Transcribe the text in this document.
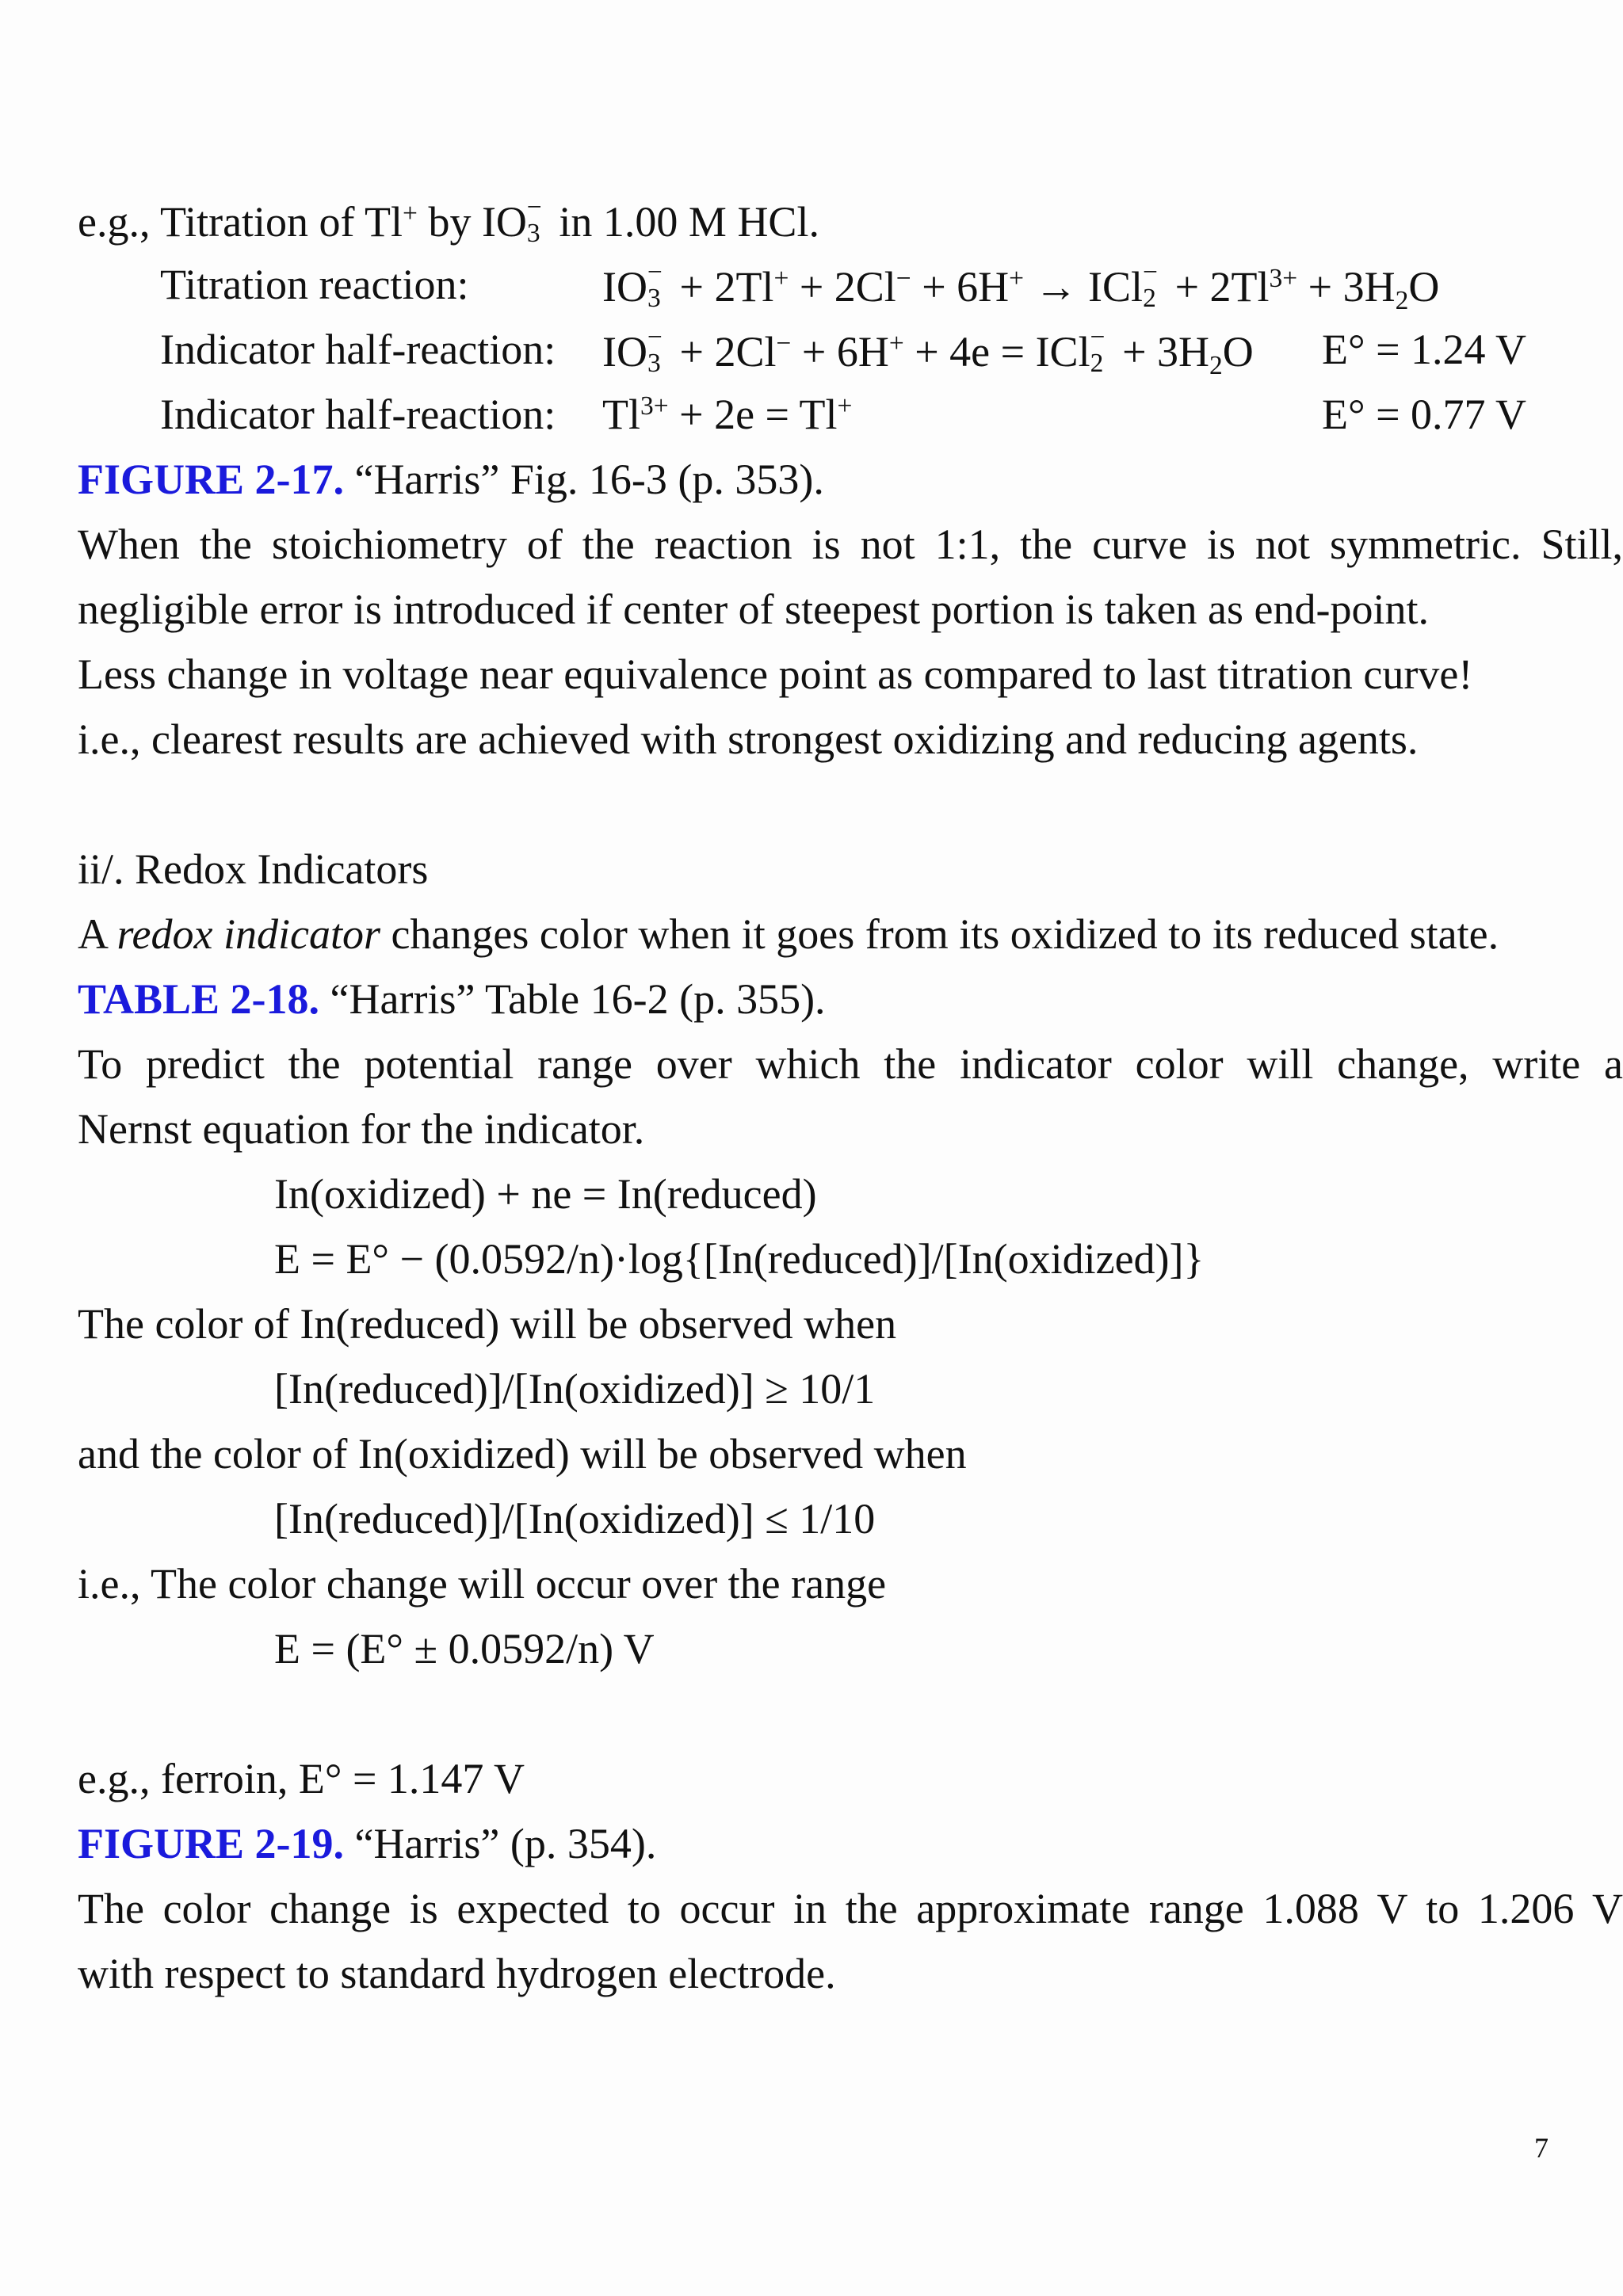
e.g., Titration of Tl+ by IO −
3 in 1.00 M HCl.
Titration reaction:	IO −
3 + 2Tl+ + 2Cl− + 6H+ → ICl −
$2 + 2Tl^{3+} + 3H_2O$
Indicator half-reaction: IO −
3 + 2Cl− + 6H+ + 4e = ICl −
$2 + 3H_2O$ E° = 1.24 V
Indicator half-reaction: $Tl^{3+} + 2e = Tl^+$	E° = 0.77 V
FIGURE 2-17. “Harris” Fig. 16-3 (p. 353).
When the stoichiometry of the reaction is not 1:1, the curve is not symmetric. Still,
negligible error is introduced if center of steepest portion is taken as end-point.
Less change in voltage near equivalence point as compared to last titration curve!
i.e., clearest results are achieved with strongest oxidizing and reducing agents.
ii/. Redox Indicators
A redox indicator changes color when it goes from its oxidized to its reduced state.
TABLE 2-18. “Harris” Table 16-2 (p. 355).
To predict the potential range over which the indicator color will change, write a
Nernst equation for the indicator.
In(oxidized) + ne = In(reduced)
E = E° − (0.0592/n)·log{[In(reduced)]/[In(oxidized)]}
The color of In(reduced) will be observed when
[In(reduced)]/[In(oxidized)] ≥ 10/1
and the color of In(oxidized) will be observed when
[In(reduced)]/[In(oxidized)] ≤ 1/10
i.e., The color change will occur over the range
E = (E° ± 0.0592/n) V
e.g., ferroin, E° = 1.147 V
FIGURE 2-19. “Harris” (p. 354).
The color change is expected to occur in the approximate range 1.088 V to 1.206 V
with respect to standard hydrogen electrode.
7
